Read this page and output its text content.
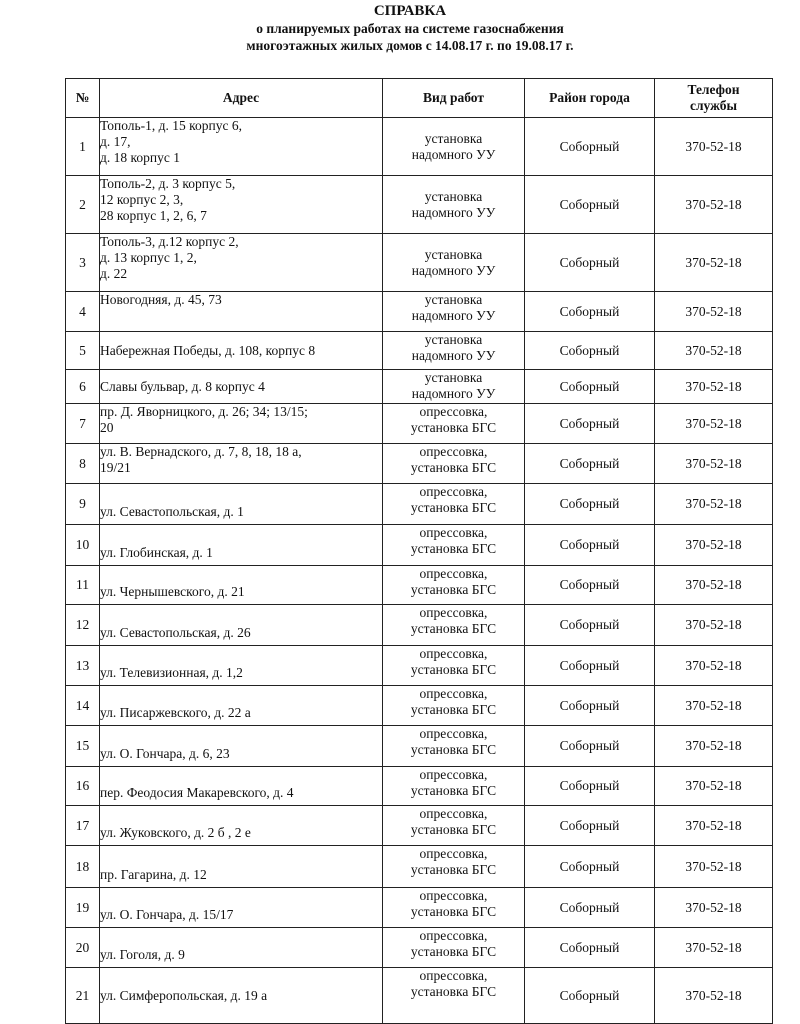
СПРАВКА
о планируемых работах на системе газоснабжения
многоэтажных жилых домов с 14.08.17 г. по 19.08.17 г.
№	Адрес	Вид работ	Район города	Телефон
службы
1	Тополь-1, д. 15 корпус 6,
д. 17,
д. 18 корпус 1	установка
надомного УУ	Соборный	370-52-18
2	Тополь-2, д. 3 корпус 5,
12 корпус 2, 3,
28 корпус 1, 2, 6, 7	установка
надомного УУ	Соборный	370-52-18
3	Тополь-3, д.12 корпус 2,
д. 13 корпус 1, 2,
д. 22	установка
надомного УУ	Соборный	370-52-18
4	Новогодняя, д. 45, 73	установка
надомного УУ	Соборный	370-52-18
5	Набережная Победы, д. 108, корпус 8	установка
надомного УУ	Соборный	370-52-18
6	Славы бульвар, д. 8 корпус 4	установка
надомного УУ	Соборный	370-52-18
7	пр. Д. Яворницкого, д. 26; 34; 13/15;
20	опрессовка,
установка БГС	Соборный	370-52-18
8	ул. В. Вернадского, д. 7, 8, 18, 18 а,
19/21	опрессовка,
установка БГС	Соборный	370-52-18
9	ул. Севастопольская, д. 1	опрессовка,
установка БГС	Соборный	370-52-18
10	ул. Глобинская, д. 1	опрессовка,
установка БГС	Соборный	370-52-18
11	ул. Чернышевского, д. 21	опрессовка,
установка БГС	Соборный	370-52-18
12	ул. Севастопольская, д. 26	опрессовка,
установка БГС	Соборный	370-52-18
13	ул. Телевизионная, д. 1,2	опрессовка,
установка БГС	Соборный	370-52-18
14	ул. Писаржевского, д. 22 а	опрессовка,
установка БГС	Соборный	370-52-18
15	ул. О. Гончара, д. 6, 23	опрессовка,
установка БГС	Соборный	370-52-18
16	пер. Феодосия Макаревского, д. 4	опрессовка,
установка БГС	Соборный	370-52-18
17	ул. Жуковского, д. 2 б , 2 е	опрессовка,
установка БГС	Соборный	370-52-18
18	пр. Гагарина, д. 12	опрессовка,
установка БГС	Соборный	370-52-18
19	ул. О. Гончара, д. 15/17	опрессовка,
установка БГС	Соборный	370-52-18
20	ул. Гоголя, д. 9	опрессовка,
установка БГС	Соборный	370-52-18
21	ул. Симферопольская, д. 19 а	опрессовка,
установка БГС	Соборный	370-52-18
